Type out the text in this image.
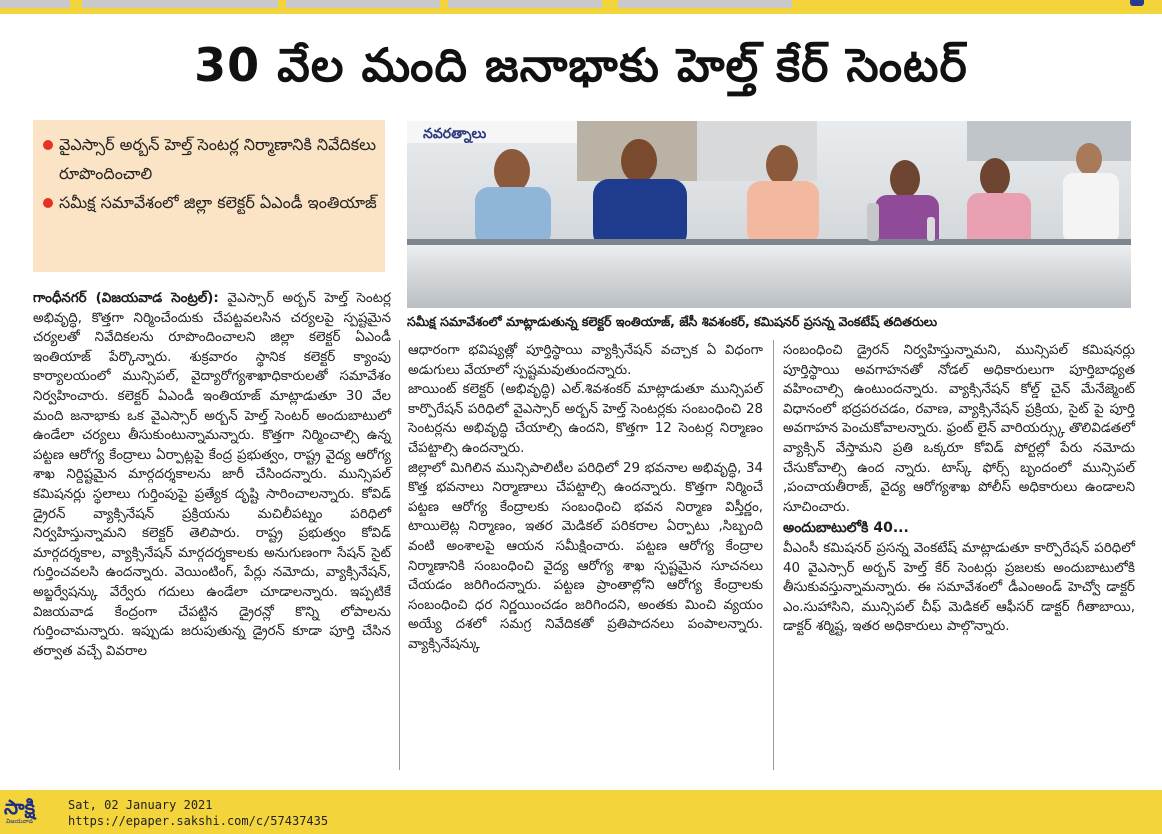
30 వేల మంది జనాభాకు హెల్త్ కేర్ సెంటర్
వైఎస్సార్ అర్బన్ హెల్త్ సెంటర్ల నిర్మాణానికి నివేదికలు రూపొందించాలి
సమీక్ష సమావేశంలో జిల్లా కలెక్టర్ ఏఎండీ ఇంతియాజ్
నవరత్నాలు
సమీక్ష సమావేశంలో మాట్లాడుతున్న కలెక్టర్ ఇంతియాజ్, జేసీ శివశంకర్, కమిషనర్ ప్రసన్న వెంకటేష్ తదితరులు

గాంధీనగర్ (విజయవాడ సెంట్రల్): వైఎస్సార్ అర్బన్ హెల్త్ సెంటర్ల అభివృద్ధి, కొత్తగా నిర్మించేందుకు చేపట్టవలసిన చర్యలపై స్పష్టమైన చర్యలతో నివేదికలను రూపొందించాలని జిల్లా కలెక్టర్ ఏఎండీ ఇంతియాజ్ పేర్కొన్నారు. శుక్రవారం స్థానిక కలెక్టర్ క్యాంపు కార్యాలయంలో మున్సిపల్, వైద్యారోగ్యశాఖాధికారులతో సమావేశం నిర్వహించారు. కలెక్టర్ ఏఎండీ ఇంతియాజ్ మాట్లాడుతూ 30 వేల మంది జనాభాకు ఒక వైఎస్సార్ అర్బన్ హెల్త్ సెంటర్ అందుబాటులో ఉండేలా చర్యలు తీసుకుంటున్నామన్నారు. కొత్తగా నిర్మించాల్సి ఉన్న పట్టణ ఆరోగ్య కేంద్రాలు ఏర్పాట్లపై కేంద్ర ప్రభుత్వం, రాష్ట్ర వైద్య ఆరోగ్య శాఖ నిర్దిష్టమైన మార్గదర్శకాలను జారీ చేసిందన్నారు. మున్సిపల్ కమిషనర్లు స్థలాలు గుర్తింపుపై ప్రత్యేక దృష్టి సారించాలన్నారు. కోవిడ్ డ్రైరన్ వ్యాక్సినేషన్ ప్రక్రియను మచిలీపట్నం పరిధిలో నిర్వహిస్తున్నామని కలెక్టర్ తెలిపారు. రాష్ట్ర ప్రభుత్వం కోవిడ్ మార్గదర్శకాల, వ్యాక్సినేషన్ మార్గదర్శకాలకు అనుగుణంగా సేషన్ సైట్ గుర్తించవలసి ఉందన్నారు. వెయింటింగ్, పేర్లు నమోదు, వ్యాక్సినేషన్, అబ్జర్వేషన్కు వేర్వేరు గదులు ఉండేలా చూడాలన్నారు. ఇప్పటికే విజయవాడ కేంద్రంగా చేపట్టిన డ్రైరన్లో కొన్ని లోపాలను గుర్తించామన్నారు. ఇప్పుడు జరుపుతున్న డ్రైరన్ కూడా పూర్తి చేసిన తర్వాత వచ్చే వివరాల

ఆధారంగా భవిష్యత్లో పూర్తిస్థాయి వ్యాక్సినేషన్ వచ్చాక ఏ విధంగా అడుగులు వేయాలో స్పష్టమవుతుందన్నారు.

జాయింట్ కలెక్టర్ (అభివృద్ధి) ఎల్.శివశంకర్ మాట్లాడుతూ మున్సిపల్ కార్పొరేషన్ పరిధిలో వైఎస్సార్ అర్బన్ హెల్త్ సెంటర్లకు సంబంధించి 28 సెంటర్లను అభివృద్ధి చేయాల్సి ఉందని, కొత్తగా 12 సెంటర్ల నిర్మాణం చేపట్టాల్సి ఉందన్నారు.

జిల్లాలో మిగిలిన మున్సిపాలిటీల పరిధిలో 29 భవనాల అభివృద్ధి, 34 కొత్త భవనాలు నిర్మాణాలు చేపట్టాల్సి ఉందన్నారు. కొత్తగా నిర్మించే పట్టణ ఆరోగ్య కేంద్రాలకు సంబంధించి భవన నిర్మాణ విస్తీర్ణం, టాయిలెట్ల నిర్మాణం, ఇతర మెడికల్ పరికరాల ఏర్పాటు ,సిబ్బంది వంటి అంశాలపై ఆయన సమీక్షించారు. పట్టణ ఆరోగ్య కేంద్రాల నిర్మాణానికి సంబంధించి వైద్య ఆరోగ్య శాఖ స్పష్టమైన సూచనలు చేయడం జరిగిందన్నారు. పట్టణ ప్రాంతాల్లోని ఆరోగ్య కేంద్రాలకు సంబంధించి ధర నిర్ణయించడం జరిగిందని, అంతకు మించి వ్యయం అయ్యే దశలో సమగ్ర నివేదికతో ప్రతిపాదనలు పంపాలన్నారు. వ్యాక్సినేషన్కు

సంబంధించి డ్రైరన్ నిర్వహిస్తున్నామని, మున్సిపల్ కమిషనర్లు పూర్తిస్థాయి అవగాహనతో నోడల్ అధికారులుగా పూర్తిబాధ్యత వహించాల్సి ఉంటుందన్నారు. వ్యాక్సినేషన్ కోల్డ్ చైన్ మేనేజ్మెంట్ విధానంలో భద్రపరచడం, రవాణ, వ్యాక్సినేషన్ ప్రక్రియ, సైట్ పై పూర్తి అవగాహన పెంచుకోవాలన్నారు. ఫ్రంట్ లైన్ వారియర్స్కు తొలివిడతలో వ్యాక్సిన్ వేస్తామని ప్రతి ఒక్కరూ కోవిడ్ పోర్టల్లో పేరు నమోదు చేసుకోవాల్సి ఉంద న్నారు. టాస్క్ ఫోర్స్ బృందంలో మున్సిపల్ ,పంచాయతీరాజ్, వైద్య ఆరోగ్యశాఖ పోలీస్ అధికారులు ఉండాలని సూచించారు.

అందుబాటులోకి 40...

వీఎంసీ కమిషనర్ ప్రసన్న వెంకటేష్ మాట్లాడుతూ కార్పొరేషన్ పరిధిలో 40 వైఎస్సార్ అర్బన్ హెల్త్ కేర్ సెంటర్లు ప్రజలకు అందుబాటులోకి తీసుకువస్తున్నామన్నారు. ఈ సమావేశంలో డీఎంఅండ్ హెచ్వో డాక్టర్ ఎం.సుహాసిని, మున్సిపల్ చీఫ్ మెడికల్ ఆఫీసర్ డాక్టర్ గీతాబాయి, డాక్టర్ శర్మిష్ట, ఇతర అధికారులు పాల్గొన్నారు.

సాక్షి
విజయవాడ
Sat, 02 January 2021
https://epaper.sakshi.com/c/57437435
